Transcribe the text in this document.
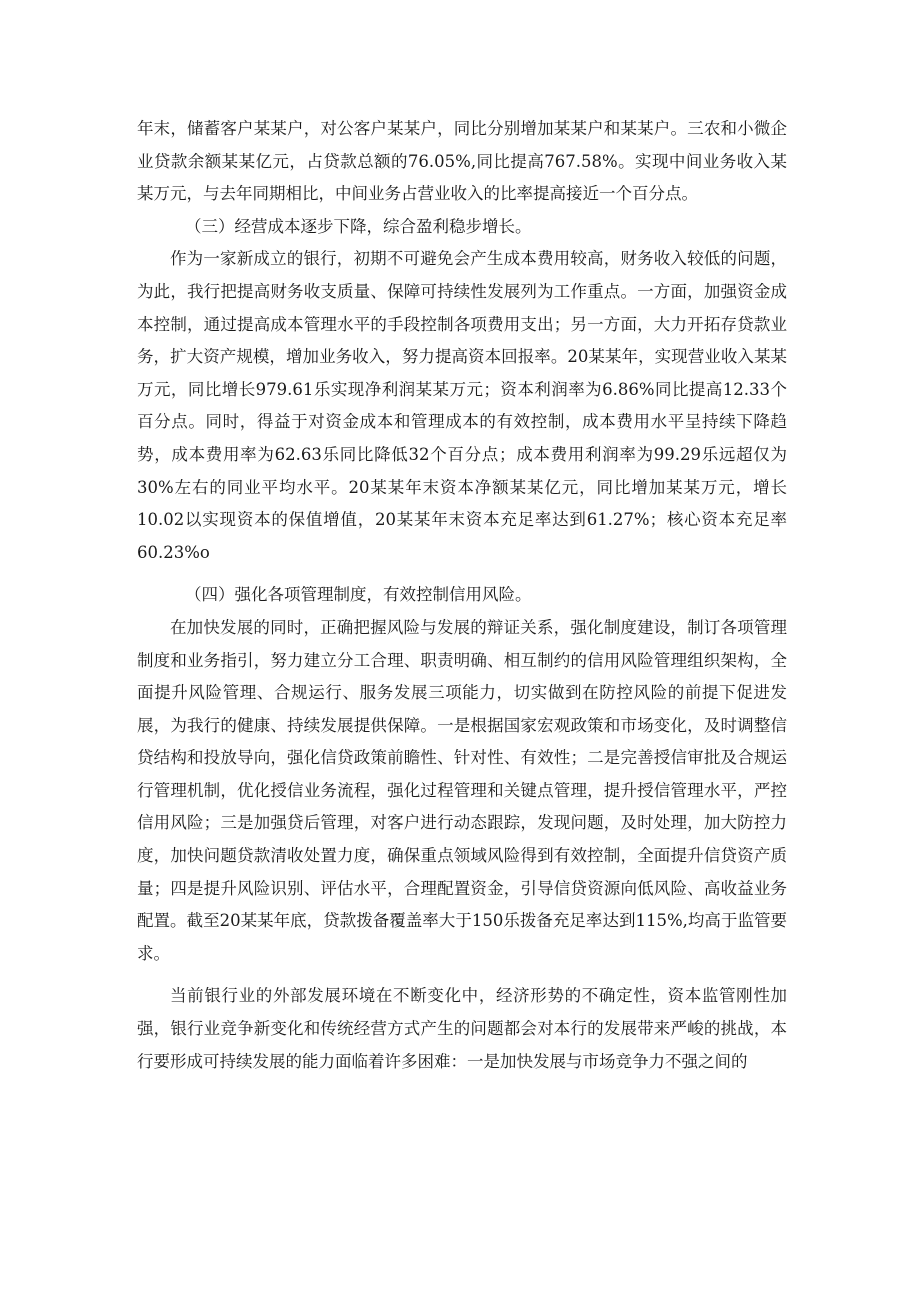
年末，储蓄客户某某户，对公客户某某户，同比分别增加某某户和某某户。三农和小微企业贷款余额某某亿元，占贷款总额的76.05%,同比提高767.58%。实现中间业务收入某某万元，与去年同期相比，中间业务占营业收入的比率提高接近一个百分点。

（三）经营成本逐步下降，综合盈利稳步增长。

作为一家新成立的银行，初期不可避免会产生成本费用较高，财务收入较低的问题，为此，我行把提高财务收支质量、保障可持续性发展列为工作重点。一方面，加强资金成本控制，通过提高成本管理水平的手段控制各项费用支出；另一方面，大力开拓存贷款业务，扩大资产规模，增加业务收入，努力提高资本回报率。20某某年，实现营业收入某某万元，同比增长979.61乐实现净利润某某万元；资本利润率为6.86%同比提高12.33个百分点。同时，得益于对资金成本和管理成本的有效控制，成本费用水平呈持续下降趋势，成本费用率为62.63乐同比降低32个百分点；成本费用利润率为99.29乐远超仅为30%左右的同业平均水平。20某某年末资本净额某某亿元，同比增加某某万元，增长10.02以实现资本的保值增值，20某某年末资本充足率达到61.27%；核心资本充足率60.23%o

（四）强化各项管理制度，有效控制信用风险。

在加快发展的同时，正确把握风险与发展的辩证关系，强化制度建设，制订各项管理制度和业务指引，努力建立分工合理、职责明确、相互制约的信用风险管理组织架构，全面提升风险管理、合规运行、服务发展三项能力，切实做到在防控风险的前提下促进发展，为我行的健康、持续发展提供保障。一是根据国家宏观政策和市场变化，及时调整信贷结构和投放导向，强化信贷政策前瞻性、针对性、有效性；二是完善授信审批及合规运行管理机制，优化授信业务流程，强化过程管理和关键点管理，提升授信管理水平，严控信用风险；三是加强贷后管理，对客户进行动态跟踪，发现问题，及时处理，加大防控力度，加快问题贷款清收处置力度，确保重点领域风险得到有效控制，全面提升信贷资产质量；四是提升风险识别、评估水平，合理配置资金，引导信贷资源向低风险、高收益业务配置。截至20某某年底，贷款拨备覆盖率大于150乐拨备充足率达到115%,均高于监管要求。

当前银行业的外部发展环境在不断变化中，经济形势的不确定性，资本监管刚性加强，银行业竞争新变化和传统经营方式产生的问题都会对本行的发展带来严峻的挑战，本行要形成可持续发展的能力面临着许多困难：一是加快发展与市场竞争力不强之间的
